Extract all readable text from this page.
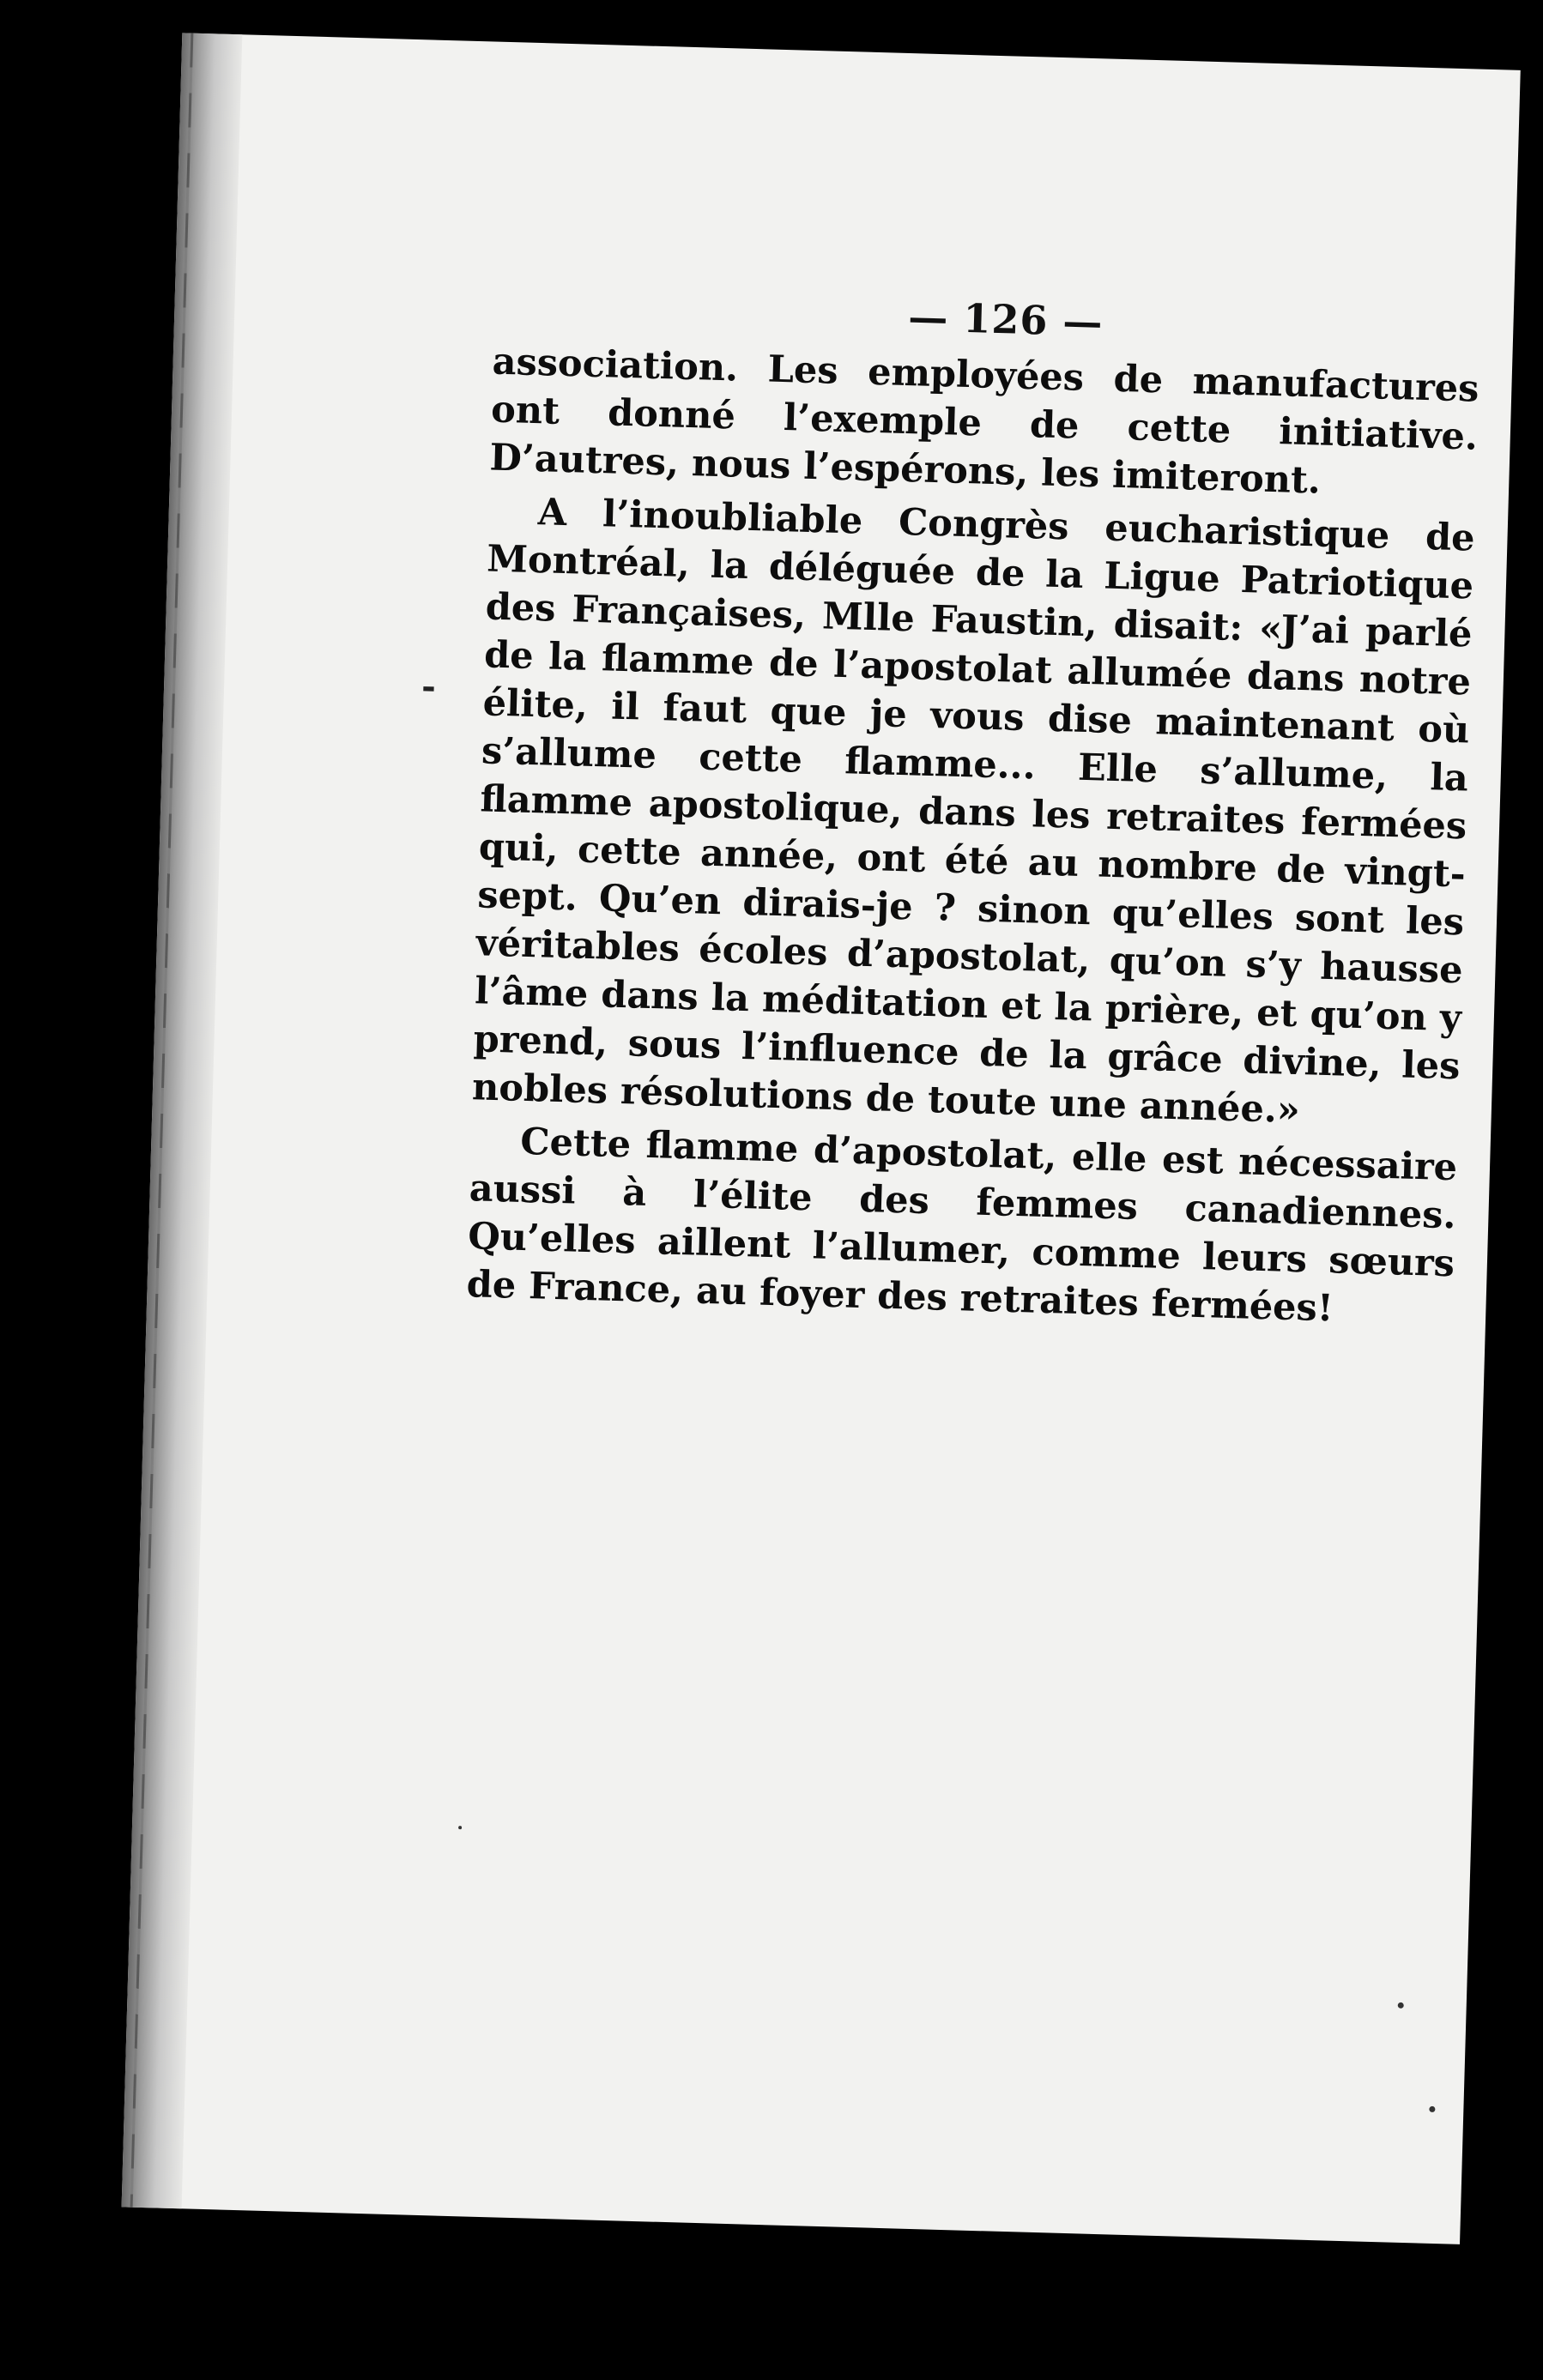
— 126 —
-

association. Les employées de manufactures ont donné l’exemple de cette initiative. D’autres, nous l’espérons, les imiteront.

A l’inoubliable Congrès eucharistique de Montréal, la déléguée de la Ligue Patriotique des Françaises, Mlle Faustin, disait: «J’ai parlé de la flamme de l’apostolat allumée dans notre élite, il faut que je vous dise maintenant où s’allume cette flamme... Elle s’allume, la flamme apostolique, dans les retraites fermées qui, cette année, ont été au nombre de vingt-sept. Qu’en dirais-je ? sinon qu’elles sont les véritables écoles d’apostolat, qu’on s’y hausse l’âme dans la méditation et la prière, et qu’on y prend, sous l’influence de la grâce divine, les nobles résolutions de toute une année.»

Cette flamme d’apostolat, elle est nécessaire aussi à l’élite des femmes canadiennes. Qu’elles aillent l’allumer, comme leurs sœurs de France, au foyer des retraites fermées!
